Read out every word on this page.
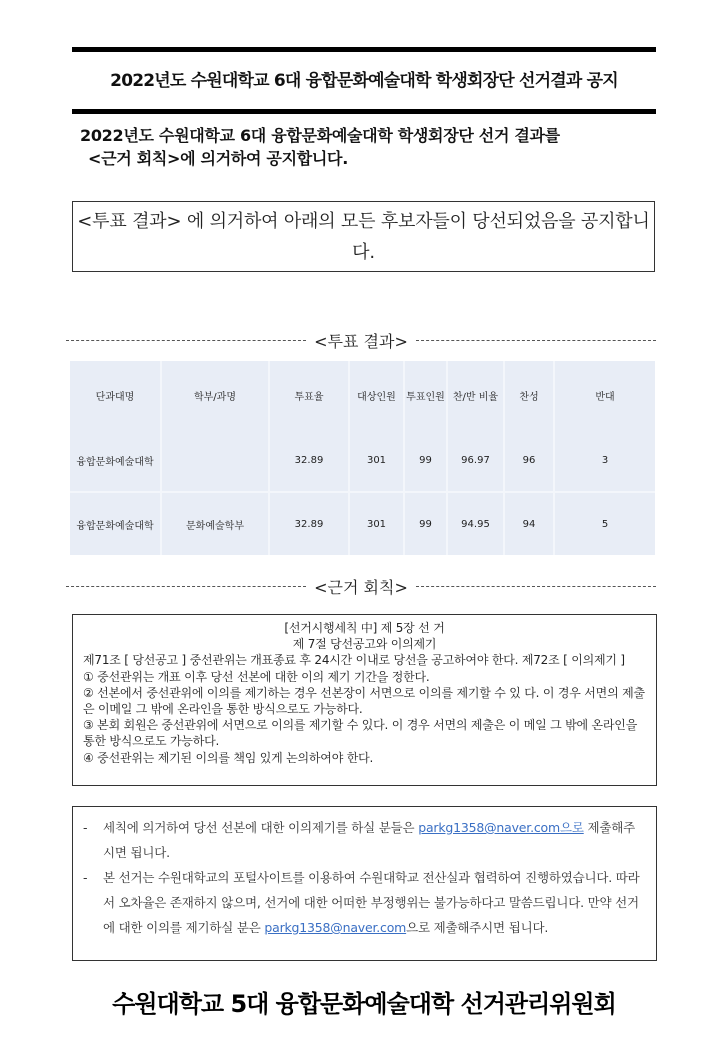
2022년도 수원대학교 6대 융합문화예술대학 학생회장단 선거결과 공지
2022년도 수원대학교 6대 융합문화예술대학 학생회장단 선거 결과를
<근거 회칙>에 의거하여 공지합니다.
<투표 결과> 에 의거하여 아래의 모든 후보자들이 당선되었음을 공지합니다.
<투표 결과>
단과대명	학부/과명	투표율	대상인원	투표인원	찬/반 비율	찬성	반대
융합문화예술대학		32.89	301	99	96.97	96	3
융합문화예술대학	문화예술학부	32.89	301	99	94.95	94	5
<근거 회칙>
[선거시행세칙 中] 제 5장 선 거
제 7절 당선공고와 이의제기
제71조 [ 당선공고 ] 중선관위는 개표종료 후 24시간 이내로 당선을 공고하여야 한다. 제72조 [ 이의제기 ]
① 중선관위는 개표 이후 당선 선본에 대한 이의 제기 기간을 정한다.
② 선본에서 중선관위에 이의를 제기하는 경우 선본장이 서면으로 이의를 제기할 수 있 다. 이 경우 서면의 제출은 이메일 그 밖에 온라인을 통한 방식으로도 가능하다.
③ 본회 회원은 중선관위에 서면으로 이의를 제기할 수 있다. 이 경우 서면의 제출은 이 메일 그 밖에 온라인을 통한 방식으로도 가능하다.
④ 중선관위는 제기된 이의를 책임 있게 논의하여야 한다.
-	세칙에 의거하여 당선 선본에 대한 이의제기를 하실 분들은 parkg1358@naver.com으로 제출해주시면 됩니다.
-	본 선거는 수원대학교의 포털사이트를 이용하여 수원대학교 전산실과 협력하여 진행하였습니다. 따라서 오차율은 존재하지 않으며, 선거에 대한 어떠한 부정행위는 불가능하다고 말씀드립니다. 만약 선거에 대한 이의를 제기하실 분은 parkg1358@naver.com으로 제출해주시면 됩니다.
수원대학교 5대 융합문화예술대학 선거관리위원회
